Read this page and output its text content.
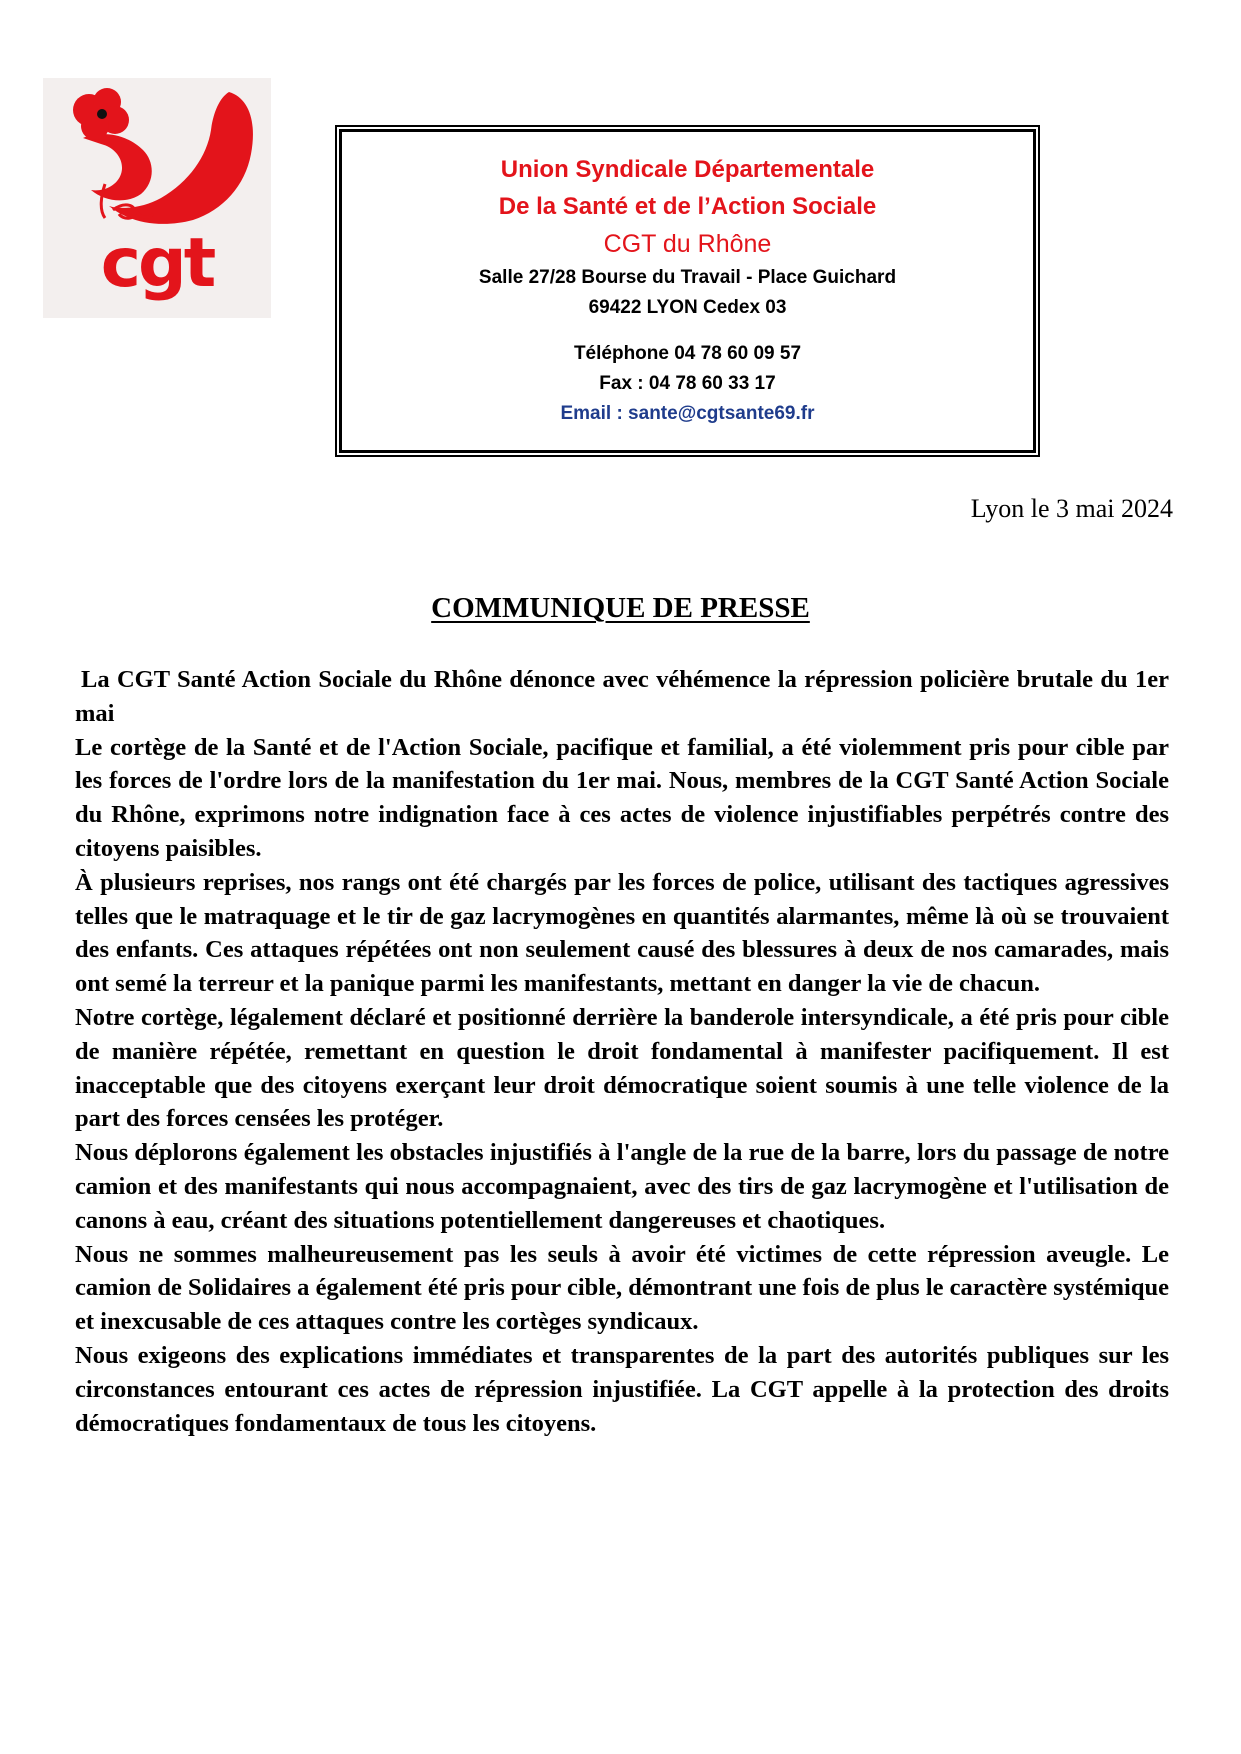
cgt
Union Syndicale Départementale
De la Santé et de l’Action Sociale
CGT du Rhône
Salle 27/28 Bourse du Travail - Place Guichard
69422 LYON Cedex 03
Téléphone 04 78 60 09 57
Fax : 04 78 60 33 17
Email : sante@cgtsante69.fr
Lyon le 3 mai 2024
COMMUNIQUE DE PRESSE

La CGT Santé Action Sociale du Rhône dénonce avec véhémence la répression policière brutale du 1er mai

Le cortège de la Santé et de l'Action Sociale, pacifique et familial, a été violemment pris pour cible par les forces de l'ordre lors de la manifestation du 1er mai. Nous, membres de la CGT Santé Action Sociale du Rhône, exprimons notre indignation face à ces actes de violence injustifiables perpétrés contre des citoyens paisibles.

À plusieurs reprises, nos rangs ont été chargés par les forces de police, utilisant des tactiques agressives telles que le matraquage et le tir de gaz lacrymogènes en quantités alarmantes, même là où se trouvaient des enfants. Ces attaques répétées ont non seulement causé des blessures à deux de nos camarades, mais ont semé la terreur et la panique parmi les manifestants, mettant en danger la vie de chacun.

Notre cortège, légalement déclaré et positionné derrière la banderole intersyndicale, a été pris pour cible de manière répétée, remettant en question le droit fondamental à manifester pacifiquement. Il est inacceptable que des citoyens exerçant leur droit démocratique soient soumis à une telle violence de la part des forces censées les protéger.

Nous déplorons également les obstacles injustifiés à l'angle de la rue de la barre, lors du passage de notre camion et des manifestants qui nous accompagnaient, avec des tirs de gaz lacrymogène et l'utilisation de canons à eau, créant des situations potentiellement dangereuses et chaotiques.

Nous ne sommes malheureusement pas les seuls à avoir été victimes de cette répression aveugle. Le camion de Solidaires a également été pris pour cible, démontrant une fois de plus le caractère systémique et inexcusable de ces attaques contre les cortèges syndicaux.

Nous exigeons des explications immédiates et transparentes de la part des autorités publiques sur les circonstances entourant ces actes de répression injustifiée. La CGT appelle à la protection des droits démocratiques fondamentaux de tous les citoyens.
